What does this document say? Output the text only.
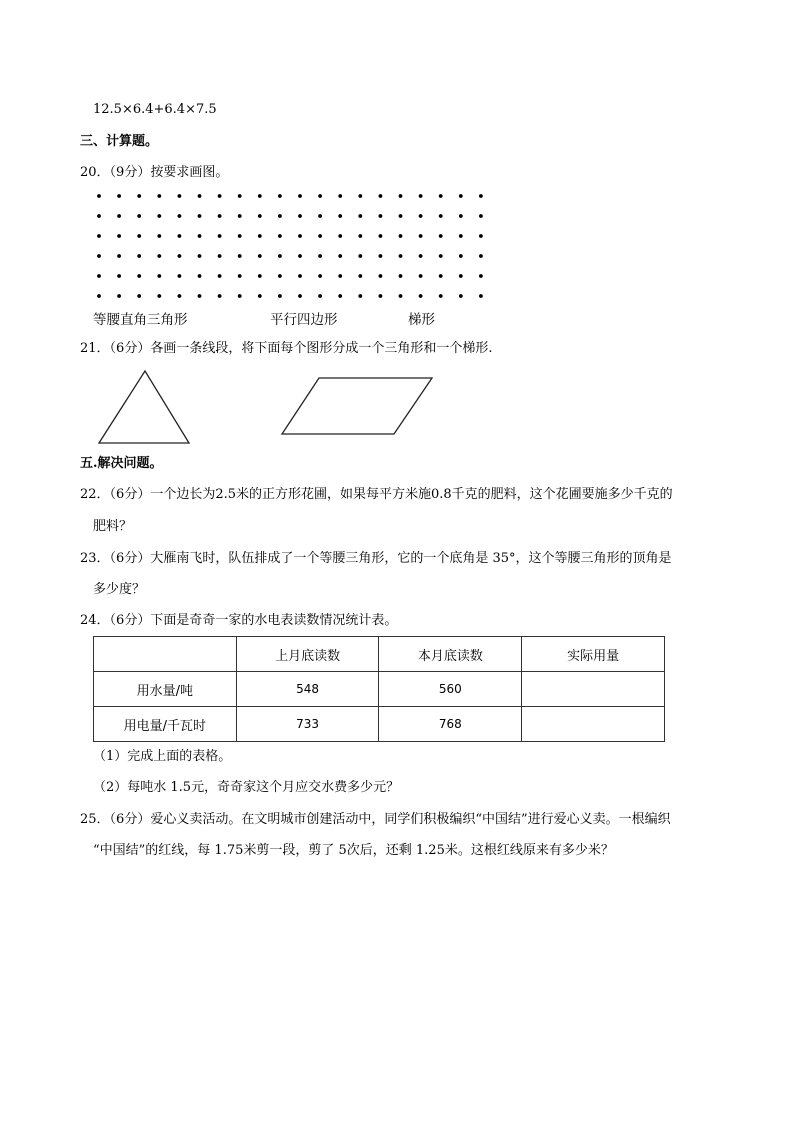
12.5×6.4+6.4×7.5
三、计算题。
20．（9分）按要求画图。
等腰直角三角形	平行四边形	梯形
21．（6分）各画一条线段，将下面每个图形分成一个三角形和一个梯形.
五.解决问题。
22．（6分）一个边长为2.5米的正方形花圃，如果每平方米施0.8千克的肥料，这个花圃要施多少千克的
肥料？
23．（6分）大雁南飞时，队伍排成了一个等腰三角形，它的一个底角是 35°，这个等腰三角形的顶角是
多少度？
24．（6分）下面是奇奇一家的水电表读数情况统计表。
	上月底读数	本月底读数	实际用量
用水量/吨	548	560	
用电量/千瓦时	733	768	
（1）完成上面的表格。
（2）每吨水 1.5元，奇奇家这个月应交水费多少元？
25．（6分）爱心义卖活动。在文明城市创建活动中，同学们积极编织“中国结”进行爱心义卖。一根编织
“中国结”的红线，每 1.75米剪一段，剪了 5次后，还剩 1.25米。这根红线原来有多少米？
